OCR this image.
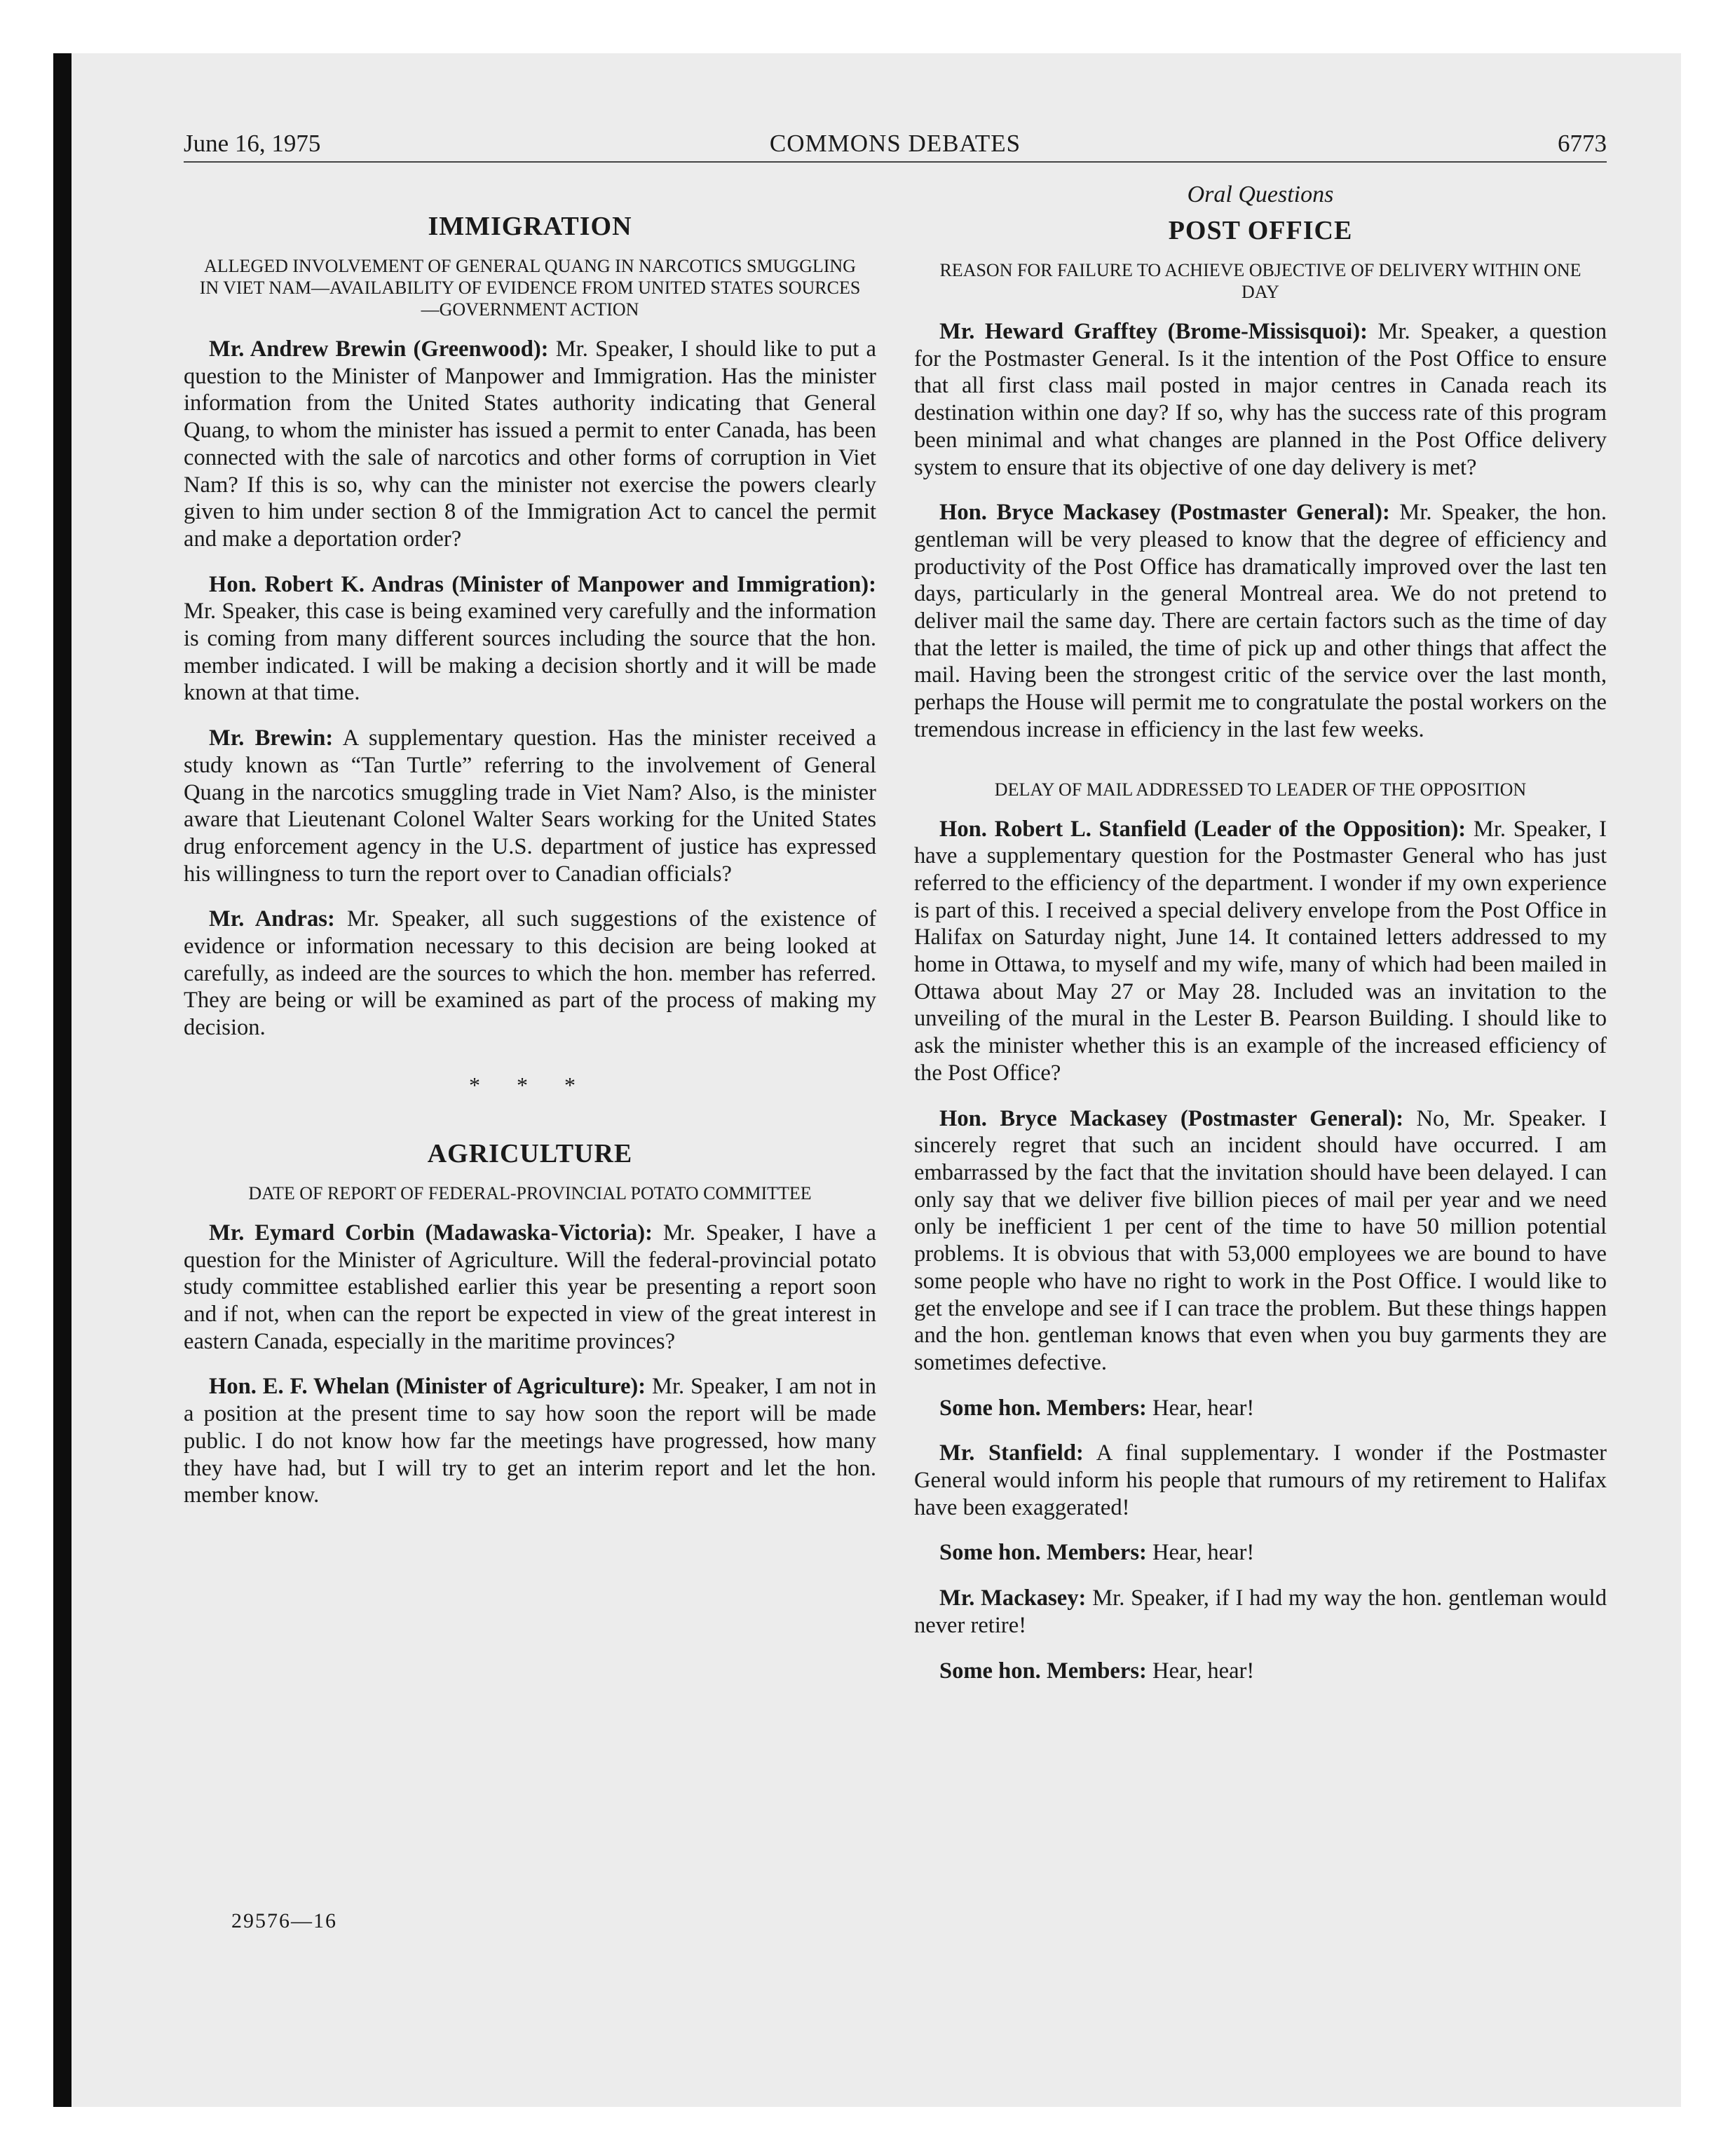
June 16, 1975	COMMONS DEBATES	6773
IMMIGRATION
ALLEGED INVOLVEMENT OF GENERAL QUANG IN NARCOTICS SMUGGLING IN VIET NAM—AVAILABILITY OF EVIDENCE FROM UNITED STATES SOURCES—GOVERNMENT ACTION

Mr. Andrew Brewin (Greenwood): Mr. Speaker, I should like to put a question to the Minister of Manpower and Immigration. Has the minister information from the United States authority indicating that General Quang, to whom the minister has issued a permit to enter Canada, has been connected with the sale of narcotics and other forms of corruption in Viet Nam? If this is so, why can the minister not exercise the powers clearly given to him under section 8 of the Immigration Act to cancel the permit and make a deportation order?

Hon. Robert K. Andras (Minister of Manpower and Immigration): Mr. Speaker, this case is being examined very carefully and the information is coming from many different sources including the source that the hon. member indicated. I will be making a decision shortly and it will be made known at that time.

Mr. Brewin: A supplementary question. Has the minister received a study known as “Tan Turtle” referring to the involvement of General Quang in the narcotics smuggling trade in Viet Nam? Also, is the minister aware that Lieutenant Colonel Walter Sears working for the United States drug enforcement agency in the U.S. department of justice has expressed his willingness to turn the report over to Canadian officials?

Mr. Andras: Mr. Speaker, all such suggestions of the existence of evidence or information necessary to this decision are being looked at carefully, as indeed are the sources to which the hon. member has referred. They are being or will be examined as part of the process of making my decision.

* * *
AGRICULTURE
DATE OF REPORT OF FEDERAL-PROVINCIAL POTATO COMMITTEE

Mr. Eymard Corbin (Madawaska-Victoria): Mr. Speaker, I have a question for the Minister of Agriculture. Will the federal-provincial potato study committee established earlier this year be presenting a report soon and if not, when can the report be expected in view of the great interest in eastern Canada, especially in the maritime provinces?

Hon. E. F. Whelan (Minister of Agriculture): Mr. Speaker, I am not in a position at the present time to say how soon the report will be made public. I do not know how far the meetings have progressed, how many they have had, but I will try to get an interim report and let the hon. member know.

29576—16
Oral Questions
POST OFFICE
REASON FOR FAILURE TO ACHIEVE OBJECTIVE OF DELIVERY WITHIN ONE DAY

Mr. Heward Grafftey (Brome-Missisquoi): Mr. Speaker, a question for the Postmaster General. Is it the intention of the Post Office to ensure that all first class mail posted in major centres in Canada reach its destination within one day? If so, why has the success rate of this program been minimal and what changes are planned in the Post Office delivery system to ensure that its objective of one day delivery is met?

Hon. Bryce Mackasey (Postmaster General): Mr. Speaker, the hon. gentleman will be very pleased to know that the degree of efficiency and productivity of the Post Office has dramatically improved over the last ten days, particularly in the general Montreal area. We do not pretend to deliver mail the same day. There are certain factors such as the time of day that the letter is mailed, the time of pick up and other things that affect the mail. Having been the strongest critic of the service over the last month, perhaps the House will permit me to congratulate the postal workers on the tremendous increase in efficiency in the last few weeks.

DELAY OF MAIL ADDRESSED TO LEADER OF THE OPPOSITION

Hon. Robert L. Stanfield (Leader of the Opposition): Mr. Speaker, I have a supplementary question for the Postmaster General who has just referred to the efficiency of the department. I wonder if my own experience is part of this. I received a special delivery envelope from the Post Office in Halifax on Saturday night, June 14. It contained letters addressed to my home in Ottawa, to myself and my wife, many of which had been mailed in Ottawa about May 27 or May 28. Included was an invitation to the unveiling of the mural in the Lester B. Pearson Building. I should like to ask the minister whether this is an example of the increased efficiency of the Post Office?

Hon. Bryce Mackasey (Postmaster General): No, Mr. Speaker. I sincerely regret that such an incident should have occurred. I am embarrassed by the fact that the invitation should have been delayed. I can only say that we deliver five billion pieces of mail per year and we need only be inefficient 1 per cent of the time to have 50 million potential problems. It is obvious that with 53,000 employees we are bound to have some people who have no right to work in the Post Office. I would like to get the envelope and see if I can trace the problem. But these things happen and the hon. gentleman knows that even when you buy garments they are sometimes defective.

Some hon. Members: Hear, hear!

Mr. Stanfield: A final supplementary. I wonder if the Postmaster General would inform his people that rumours of my retirement to Halifax have been exaggerated!

Some hon. Members: Hear, hear!

Mr. Mackasey: Mr. Speaker, if I had my way the hon. gentleman would never retire!

Some hon. Members: Hear, hear!
